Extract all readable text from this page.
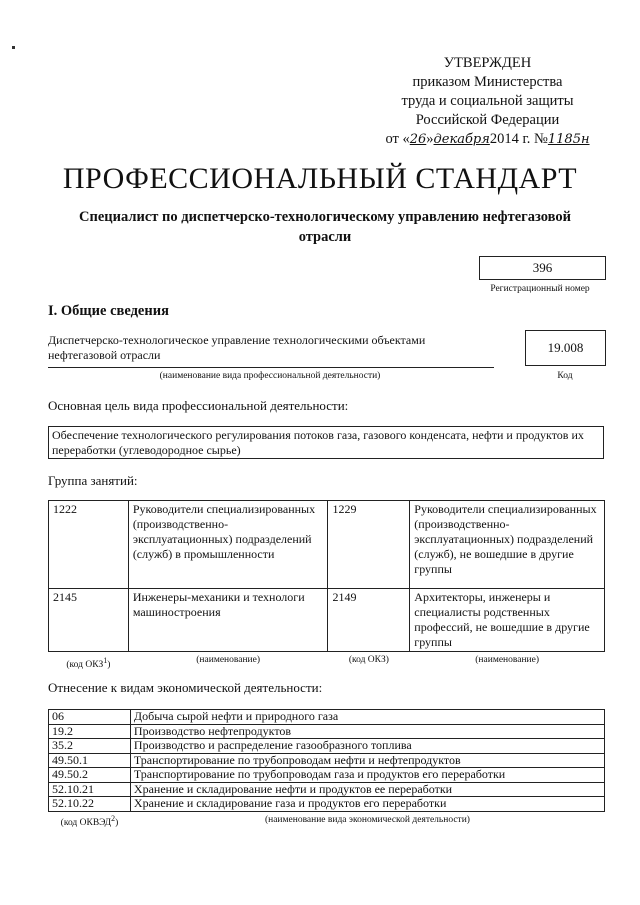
УТВЕРЖДЕН
приказом Министерства
труда и социальной защиты
Российской Федерации
от «26»декабря2014 г. №1185н
ПРОФЕССИОНАЛЬНЫЙ СТАНДАРТ
Специалист по диспетчерско-технологическому управлению нефтегазовой отрасли
396
Регистрационный номер
I. Общие сведения
Диспетчерско-технологическое управление технологическими объектами нефтегазовой отрасли	19.008
(наименование вида профессиональной деятельности)	Код
Основная цель вида профессиональной деятельности:
Обеспечение технологического регулирования потоков газа, газового конденсата, нефти и продуктов их переработки (углеводородное сырье)
Группа занятий:
1222	Руководители специализированных (производственно-эксплуатационных) подразделений (служб) в промышленности	1229	Руководители специализированных (производственно-эксплуатационных) подразделений (служб), не вошедшие в другие группы
2145	Инженеры-механики и технологи машиностроения	2149	Архитекторы, инженеры и специалисты родственных профессий, не вошедшие в другие группы
(код ОКЗ$^1$)	(наименование)	(код ОКЗ)	(наименование)
Отнесение к видам экономической деятельности:
06	Добыча сырой нефти и природного газа
19.2	Производство нефтепродуктов
35.2	Производство и распределение газообразного топлива
49.50.1	Транспортирование по трубопроводам нефти и нефтепродуктов
49.50.2	Транспортирование по трубопроводам газа и продуктов его переработки
52.10.21	Хранение и складирование нефти и продуктов ее переработки
52.10.22	Хранение и складирование газа и продуктов его переработки
(код ОКВЭД$^2$)	(наименование вида экономической деятельности)
